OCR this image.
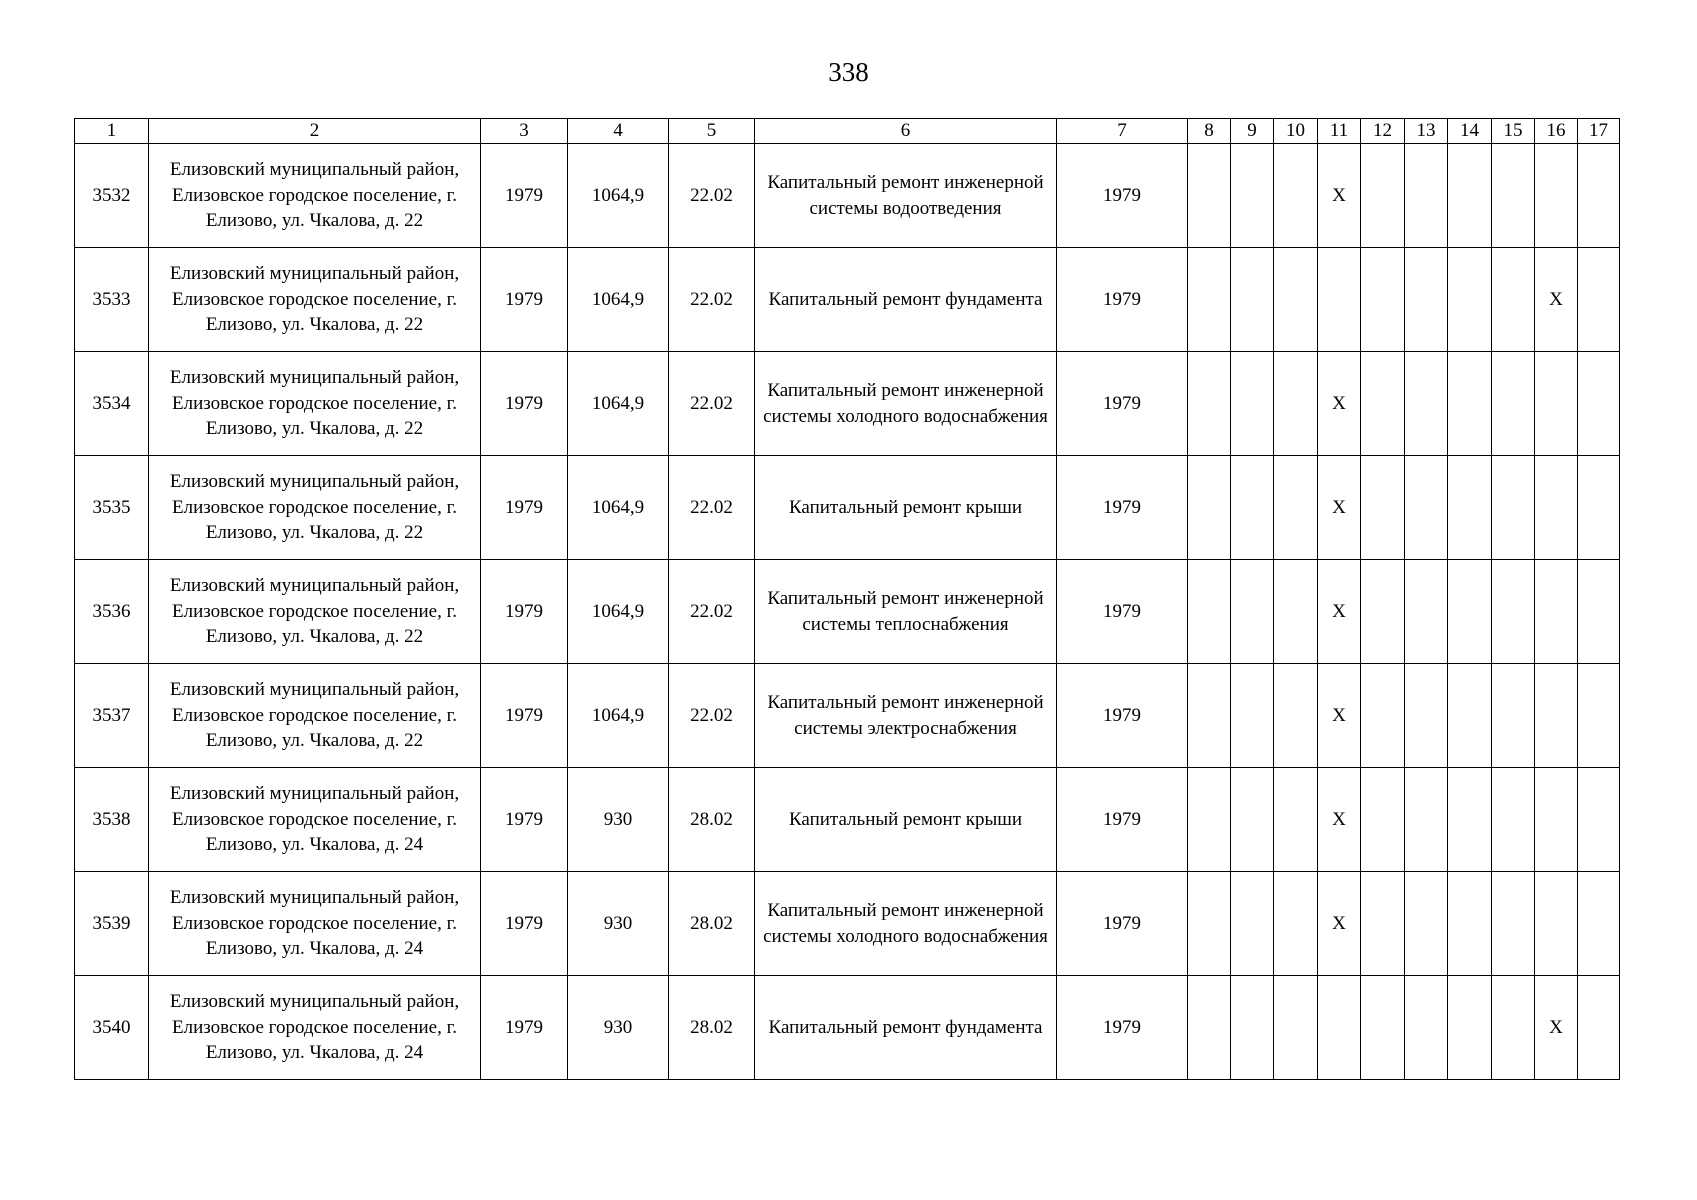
338
1	2	3	4	5	6	7	8	9	10	11	12	13	14	15	16	17
3532	Елизовский муниципальный район, Елизовское городское поселение, г. Елизово, ул. Чкалова, д. 22	1979	1064,9	22.02	Капитальный ремонт инженерной системы водоотведения	1979				X						
3533	Елизовский муниципальный район, Елизовское городское поселение, г. Елизово, ул. Чкалова, д. 22	1979	1064,9	22.02	Капитальный ремонт фундамента	1979									X	
3534	Елизовский муниципальный район, Елизовское городское поселение, г. Елизово, ул. Чкалова, д. 22	1979	1064,9	22.02	Капитальный ремонт инженерной системы холодного водоснабжения	1979				X						
3535	Елизовский муниципальный район, Елизовское городское поселение, г. Елизово, ул. Чкалова, д. 22	1979	1064,9	22.02	Капитальный ремонт крыши	1979				X						
3536	Елизовский муниципальный район, Елизовское городское поселение, г. Елизово, ул. Чкалова, д. 22	1979	1064,9	22.02	Капитальный ремонт инженерной системы теплоснабжения	1979				X						
3537	Елизовский муниципальный район, Елизовское городское поселение, г. Елизово, ул. Чкалова, д. 22	1979	1064,9	22.02	Капитальный ремонт инженерной системы электроснабжения	1979				X						
3538	Елизовский муниципальный район, Елизовское городское поселение, г. Елизово, ул. Чкалова, д. 24	1979	930	28.02	Капитальный ремонт крыши	1979				X						
3539	Елизовский муниципальный район, Елизовское городское поселение, г. Елизово, ул. Чкалова, д. 24	1979	930	28.02	Капитальный ремонт инженерной системы холодного водоснабжения	1979				X						
3540	Елизовский муниципальный район, Елизовское городское поселение, г. Елизово, ул. Чкалова, д. 24	1979	930	28.02	Капитальный ремонт фундамента	1979									X	
